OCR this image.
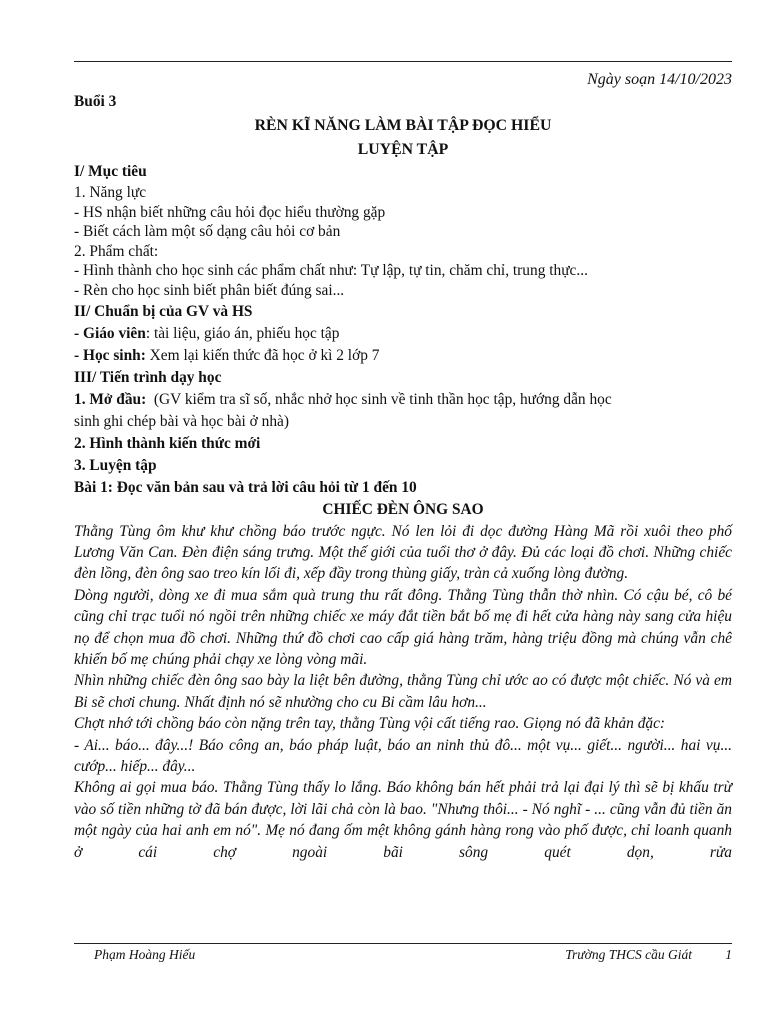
Ngày soạn 14/10/2023
Buổi 3
RÈN KĨ NĂNG LÀM BÀI TẬP ĐỌC HIỂU
LUYỆN TẬP
I/ Mục tiêu
1. Năng lực
- HS nhận biết những câu hỏi đọc hiểu thường gặp
- Biết cách làm một số dạng câu hỏi cơ bản
2. Phẩm chất:
- Hình thành cho học sinh các phẩm chất như: Tự lập, tự tin, chăm chỉ, trung thực...
- Rèn cho học sinh biết phân biết đúng sai...
II/ Chuẩn bị của GV và HS
- Giáo viên: tài liệu, giáo án, phiếu học tập
- Học sinh: Xem lại kiến thức đã học ở kì 2 lớp 7
III/ Tiến trình dạy học
1. Mở đầu:  (GV kiểm tra sĩ số, nhắc nhở học sinh về tinh thần học tập, hướng dẫn học
sinh ghi chép bài và học bài ở nhà)
2. Hình thành kiến thức mới
3. Luyện tập
Bài 1: Đọc văn bản sau và trả lời câu hỏi từ 1 đến 10
CHIẾC ĐÈN ÔNG SAO

Thằng Tùng ôm khư khư chồng báo trước ngực. Nó len lỏi đi dọc đường Hàng Mã rồi xuôi theo phố Lương Văn Can. Đèn điện sáng trưng. Một thế giới của tuổi thơ ở đây. Đủ các loại đồ chơi. Những chiếc đèn lồng, đèn ông sao treo kín lối đi, xếp đầy trong thùng giấy, tràn cả xuống lòng đường.

Dòng người, dòng xe đi mua sắm quà trung thu rất đông. Thằng Tùng thẫn thờ nhìn. Có cậu bé, cô bé cũng chỉ trạc tuổi nó ngồi trên những chiếc xe máy đắt tiền bắt bố mẹ đi hết cửa hàng này sang cửa hiệu nọ để chọn mua đồ chơi. Những thứ đồ chơi cao cấp giá hàng trăm, hàng triệu đồng mà chúng vẫn chê khiến bố mẹ chúng phải chạy xe lòng vòng mãi.

Nhìn những chiếc đèn ông sao bày la liệt bên đường, thằng Tùng chỉ ước ao có được một chiếc. Nó và em Bi sẽ chơi chung. Nhất định nó sẽ nhường cho cu Bi cầm lâu hơn...

Chợt nhớ tới chồng báo còn nặng trên tay, thằng Tùng vội cất tiếng rao. Giọng nó đã khản đặc:

- Ai... báo... đây...! Báo công an, báo pháp luật, báo an ninh thủ đô... một vụ... giết... người... hai vụ... cướp... hiếp... đây...

Không ai gọi mua báo. Thằng Tùng thấy lo lắng. Báo không bán hết phải trả lại đại lý thì sẽ bị khấu trừ vào số tiền những tờ đã bán được, lời lãi chả còn là bao. "Nhưng thôi... - Nó nghĩ - ... cũng vẫn đủ tiền ăn một ngày của hai anh em nó". Mẹ nó đang ốm mệt không gánh hàng rong vào phố được, chỉ loanh quanh ở cái chợ ngoài bãi sông quét dọn, rửa

Phạm Hoàng Hiếu	Trường THCS cầu Giát 1
